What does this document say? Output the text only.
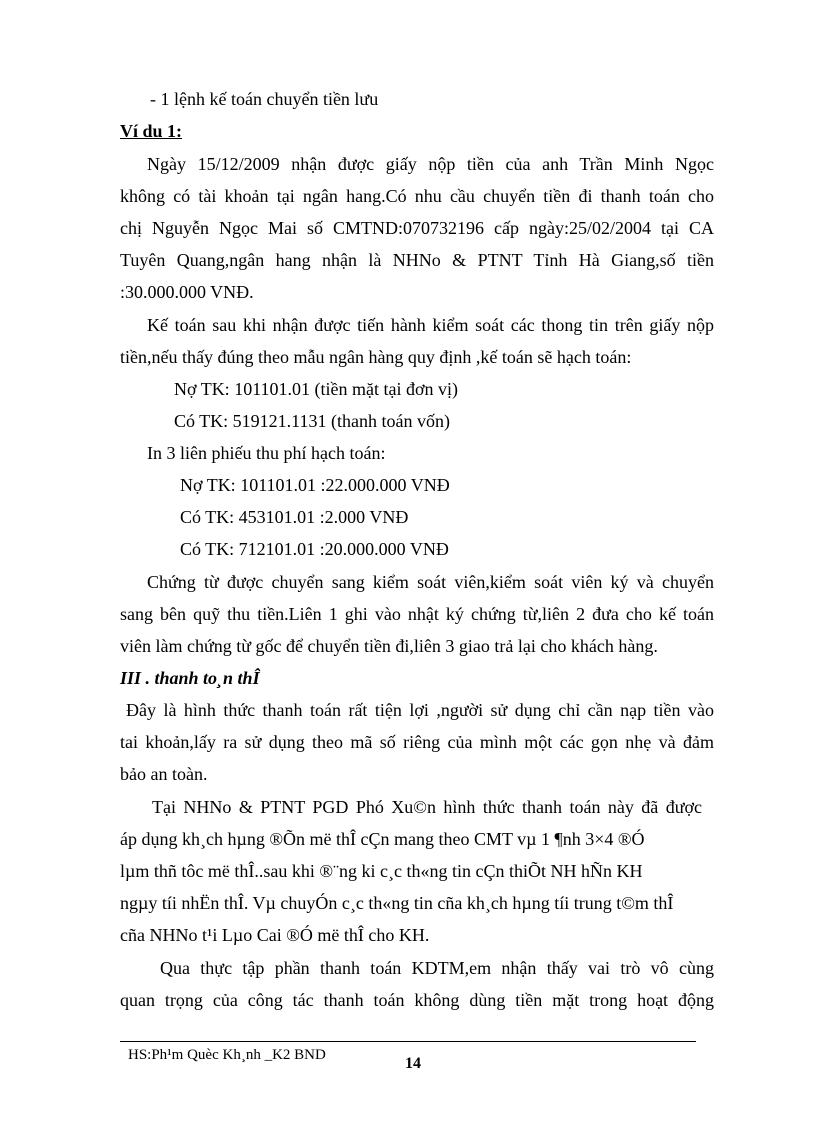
- 1 lệnh kế toán chuyển tiền lưu
Ví du 1:
Ngày 15/12/2009 nhận được giấy nộp tiền của anh Trần Minh Ngọc
không có tài khoản tại ngân hang.Có nhu cầu chuyển tiền đi thanh toán cho
chị Nguyễn Ngọc Mai số CMTND:070732196 cấp ngày:25/02/2004 tại CA
Tuyên Quang,ngân hang nhận là NHNo & PTNT Tỉnh Hà Giang,số tiền
:30.000.000 VNĐ.
Kế toán sau khi nhận được tiến hành kiểm soát các thong tin trên giấy nộp
tiền,nếu thấy đúng theo mẫu ngân hàng quy định ,kế toán sẽ hạch toán:
Nợ TK: 101101.01 (tiền mặt tại đơn vị)
Có TK: 519121.1131 (thanh toán vốn)
In 3 liên phiếu thu phí hạch toán:
Nợ TK: 101101.01 :22.000.000 VNĐ
Có TK: 453101.01 :2.000 VNĐ
Có TK: 712101.01 :20.000.000 VNĐ
Chứng từ được chuyển sang kiểm soát viên,kiểm soát viên ký và chuyển
sang bên quỹ thu tiền.Liên 1 ghi vào nhật ký chứng từ,liên 2 đưa cho kế toán
viên làm chứng từ gốc để chuyển tiền đi,liên 3 giao trả lại cho khách hàng.
III . thanh to¸n thÎ
Đây là hình thức thanh toán rất tiện lợi ,người sử dụng chỉ cần nạp tiền vào
tai khoản,lấy ra sử dụng theo mã số riêng của mình một các gọn nhẹ và đảm
bảo an toàn.
Tại NHNo & PTNT PGD Phó Xu©n hình thức thanh toán này đã được
áp dụng kh¸ch hµng ®Õn më thÎ cÇn mang theo CMT vµ 1 ¶nh 3×4 ®Ó
lµm thñ tôc më thÎ..sau khi ®¨ng ki c¸c th«ng tin cÇn thiÕt NH hÑn KH
ngµy tíi nhËn thÎ. Vµ chuyÓn c¸c th«ng tin cña kh¸ch hµng tíi trung t©m thÎ
cña NHNo t¹i Lµo Cai ®Ó më thÎ cho KH.
Qua thực tập phần thanh toán KDTM,em nhận thấy vai trò vô cùng
quan trọng của công tác thanh toán không dùng tiền mặt trong hoạt động
HS:Ph¹m Quèc Kh¸nh _K2 BND	14
